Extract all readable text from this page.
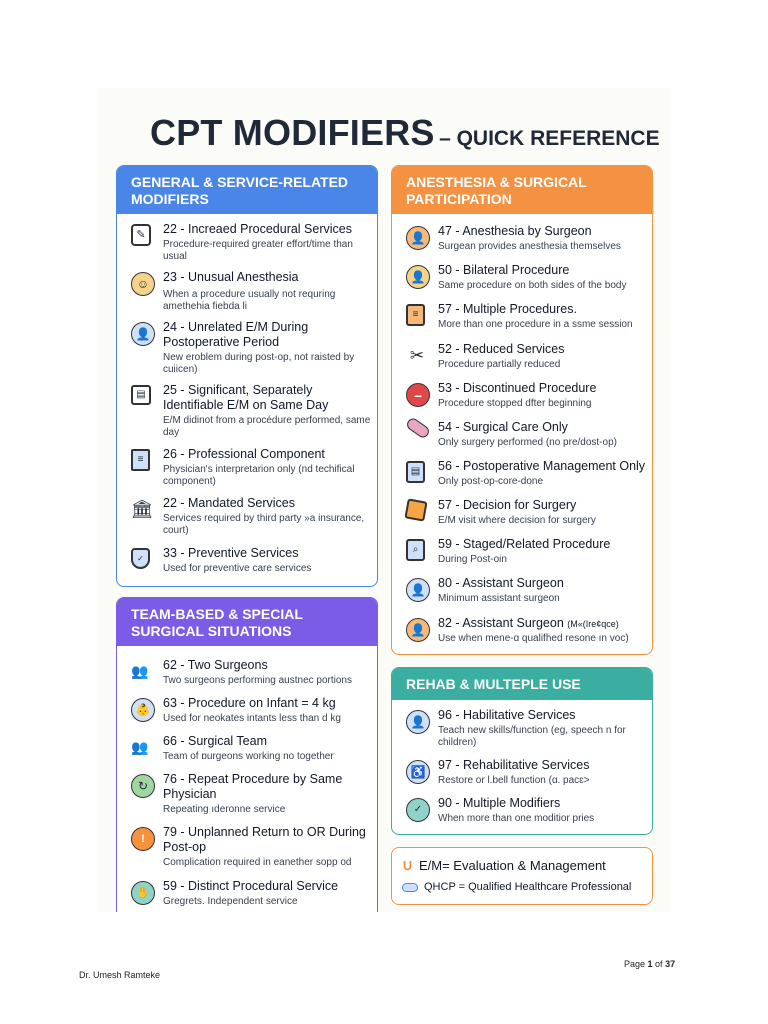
CPT MODIFIERS – QUICK REFERENCE
GENERAL & SERVICE-RELATED MODIFIERS
✎	22 - Increaed Procedural Services
Procedure-required greater effort/time than usual
☺	23 - Unusual Anesthesia
When a procedure usually not requring amethehia fiebda li
👤	24 - Unrelated E/M During Postoperative Period
New eroblem during post-op, not raisted by cuiicen)
▤	25 - Significant, Separately Identifiable E/M on Same Day
E/M didinot from a procédure performed, same day
≡	26 - Professional Component
Physician's interpretarion only (nd techifical component)
🏛 22 - Mandated Services
Services required by third party »a insurance, court)
✓	33 - Preventive Services
Used for preventive care services
ANESTHESIA & SURGICAL PARTICIPATION
👤	47 - Anesthesia by Surgeon
Surgean provides anesthesia themselves
👤	50 - Bilateral Procedure
Same procedure on both sides of the body
≡	57 - Multiple Procedures.
More than one procedure in a ssme session
✂	52 - Reduced Services
Procedure partially reduced
–	53 - Discontinued Procedure
Procedure stopped dfter beginning
54 - Surgical Care Only
Only surgery performed (no pre/dost-op)
▤	56 - Postoperative Management Only
Only post-op-core-done
57 - Decision for Surgery
E/M visit where decision for surgery
⌕	59 - Staged/Related Procedure
During Post-oin
👤	80 - Assistant Surgeon
Minimum assistant surgeon
👤	82 - Assistant Surgeon (M«(Ire¢qce)
Use when mene-ɑ qualifhed resone ın voc)
TEAM-BASED & SPECIAL SURGICAL SITUATIONS
👥 62 - Two Surgeons
Two surgeons performing austnec portions
👶	63 - Procedure on Infant = 4 kg
Used for neokates intants less than d kg
👥 66 - Surgical Team
Team of ɒurgeons working no together
↻	76 - Repeat Procedure by Same Physician
Repeating ıderonne service
!	79 - Unplanned Return to OR During Post-op
Complication required in eanether sopp od
✋	59 - Distinct Procedural Service
Gregrets. Independent service
REHAB & MULTEPLE USE
👤	96 - Habilitative Services
Teach new skills/function (eg, speech n for children)
♿	97 - Rehabilitative Services
Restore or l.bell function (ɑ. pacɛ>
✓	90 - Multiple Modifiers
When more than one moditior pries
∪ E/M= Evaluation & Management
QHCP = Qualified Healthcare Professional
Page 1 of 37
Dr. Umesh Ramteke
